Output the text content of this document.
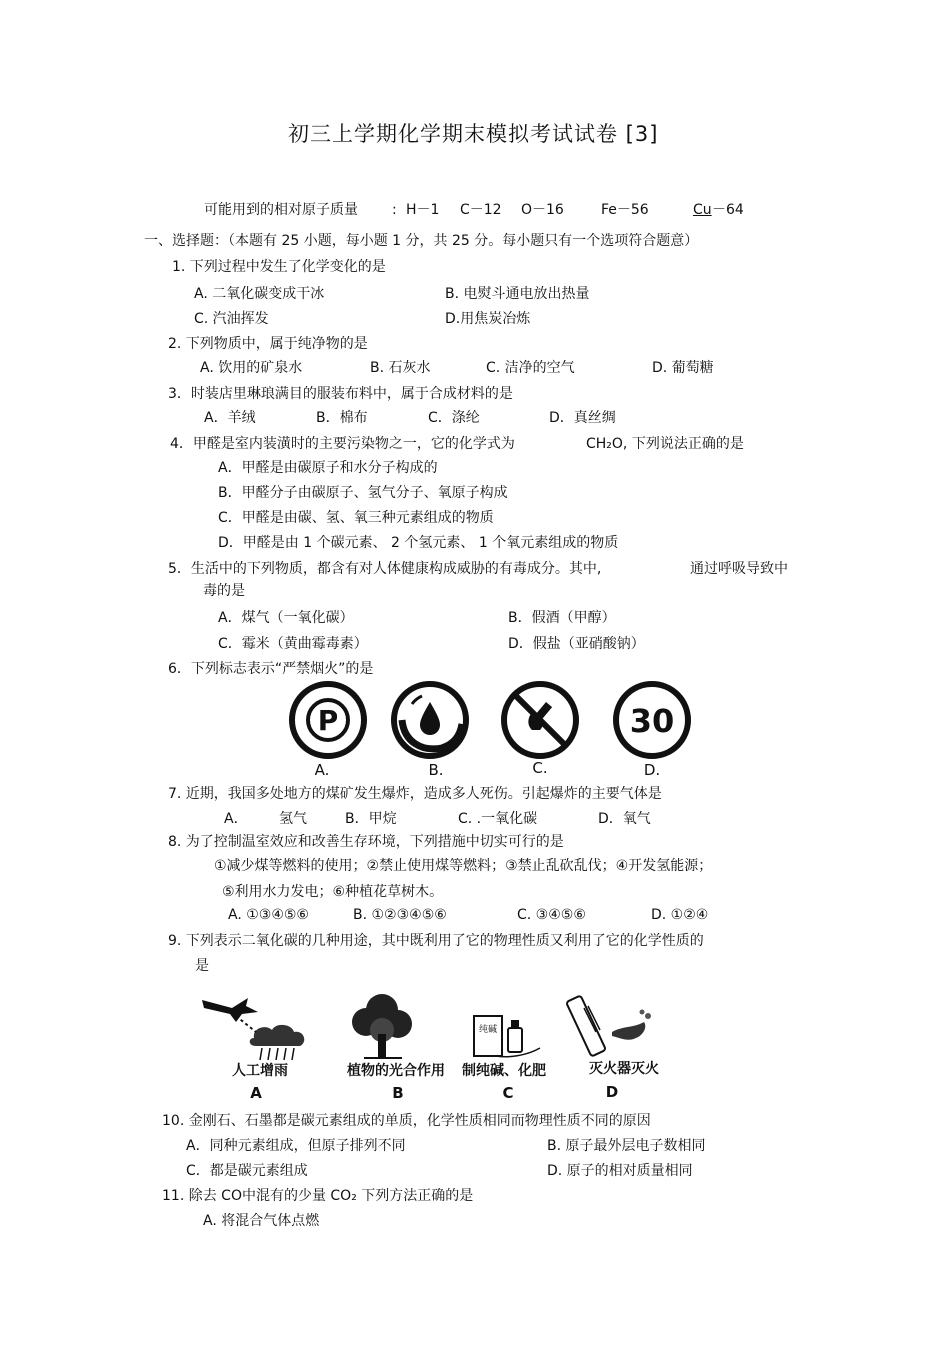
初三上学期化学期末模拟考试试卷 [3]
可能用到的相对原子质量 : H－1 C－12 O－16	Fe－56	Cu －64
一、选择题：（本题有 25 小题，每小题 1 分，共 25 分。每小题只有一个选项符合题意）
1. 下列过程中发生了化学变化的是
A. 二氧化碳变成干冰	B. 电熨斗通电放出热量
C. 汽油挥发	D.用焦炭冶炼
2. 下列物质中，属于纯净物的是
A. 饮用的矿泉水	B. 石灰水	C. 洁净的空气	D. 葡萄糖
3．时装店里琳琅满目的服装布料中，属于合成材料的是
A．羊绒	B．棉布	C．涤纶	D．真丝绸
4．甲醛是室内装潢时的主要污染物之一，它的化学式为	CH₂O, 下列说法正确的是
A．甲醛是由碳原子和水分子构成的
B．甲醛分子由碳原子、氢气分子、氧原子构成
C．甲醛是由碳、氢、氧三种元素组成的物质
D．甲醛是由 1 个碳元素、 2 个氢元素、 1 个氧元素组成的物质
5．生活中的下列物质，都含有对人体健康构成威胁的有毒成分。其中,	通过呼吸导致中
毒的是
A．煤气（一氧化碳）	B．假酒（甲醇）
C．霉米（黄曲霉毒素）	D．假盐（亚硝酸钠）
6．下列标志表示“严禁烟火”的是
P
A.	B.	C.
30
D.
7. 近期，我国多处地方的煤矿发生爆炸，造成多人死伤。引起爆炸的主要气体是
A． 氢气	B．甲烷	C. .一氧化碳	D．氧气
8. 为了控制温室效应和改善生存环境，下列措施中切实可行的是
①减少煤等燃料的使用；②禁止使用煤等燃料；③禁止乱砍乱伐；④开发氢能源；
⑤利用水力发电；⑥种植花草树木。
A. ①③④⑤⑥	B. ①②③④⑤⑥	C. ③④⑤⑥	D. ①②④
9. 下列表示二氧化碳的几种用途，其中既利用了它的物理性质又利用了它的化学性质的
是
人工增雨
A
植物的光合作用
B
纯碱
制纯碱、化肥
C
灭火器灭火
D
10. 金刚石、石墨都是碳元素组成的单质，化学性质相同而物理性质不同的原因
A．同种元素组成，但原子排列不同	B. 原子最外层电子数相同
C．都是碳元素组成	D. 原子的相对质量相同
11. 除去 CO中混有的少量 CO₂ 下列方法正确的是
A. 将混合气体点燃
